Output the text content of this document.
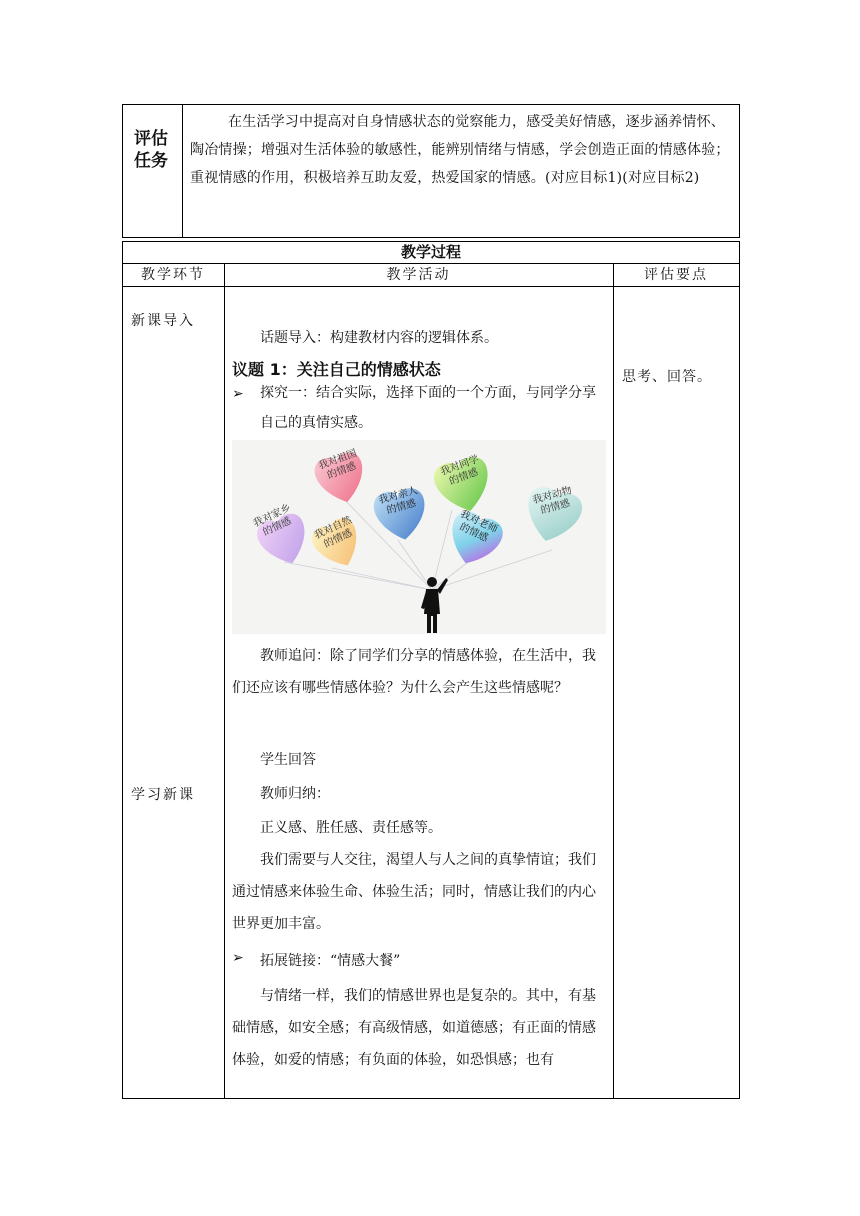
评估任务
在生活学习中提高对自身情感状态的觉察能力，感受美好情感，逐步涵养情怀、陶冶情操；增强对生活体验的敏感性，能辨别情绪与情感，学会创造正面的情感体验；重视情感的作用，积极培养互助友爱，热爱国家的情感。(对应目标1)(对应目标2)
教学过程
教学环节	教学活动	评估要点
新课导入
学习新课
思考、回答。
话题导入：构建教材内容的逻辑体系。
议题 1：关注自己的情感状态
➢ 探究一：结合实际，选择下面的一个方面，与同学分享自己的真情实感。
我对家乡的情感
我对祖国的情感
我对自然的情感
我对亲人的情感
我对同学的情感
我对老师的情感
我对动物的情感
教师追问：除了同学们分享的情感体验，在生活中，我们还应该有哪些情感体验？为什么会产生这些情感呢？
学生回答
教师归纳：
正义感、胜任感、责任感等。
我们需要与人交往，渴望人与人之间的真挚情谊；我们通过情感来体验生命、体验生活；同时，情感让我们的内心世界更加丰富。
➢ 拓展链接：“情感大餐”
与情绪一样，我们的情感世界也是复杂的。其中，有基础情感，如安全感；有高级情感，如道德感；有正面的情感体验，如爱的情感；有负面的体验，如恐惧感；也有
